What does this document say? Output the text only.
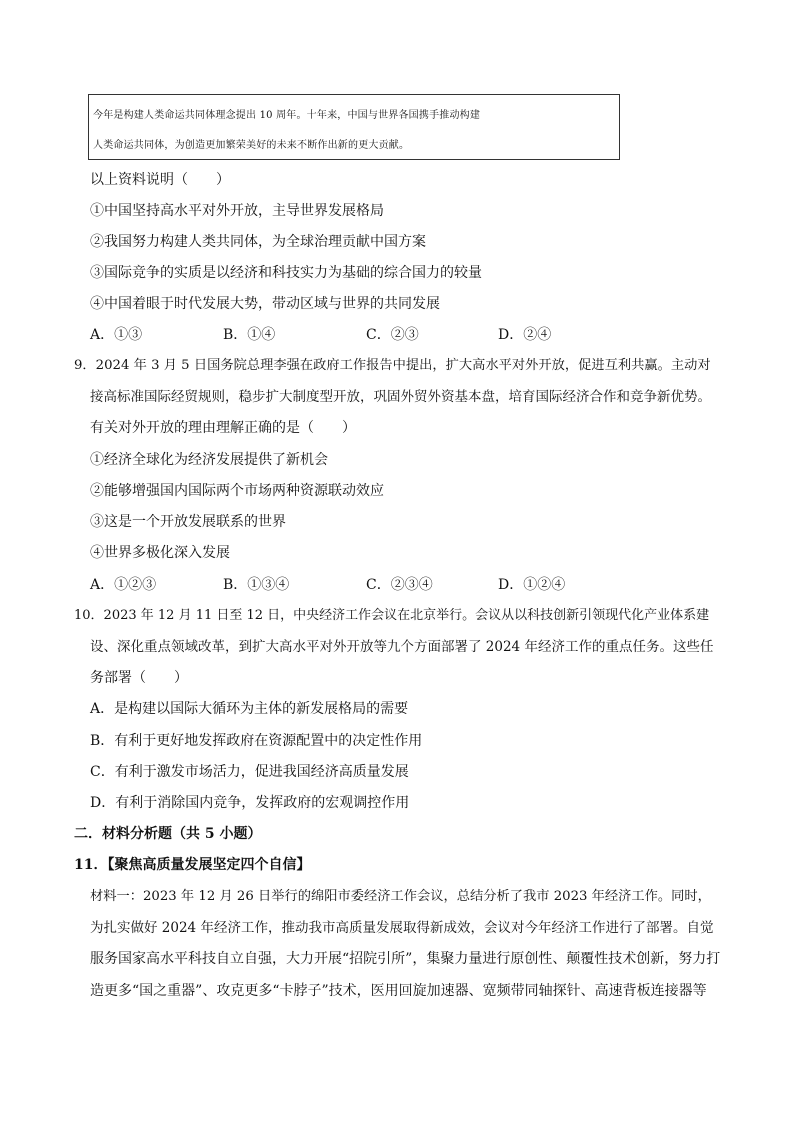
今年是构建人类命运共同体理念提出 10 周年。十年来，中国与世界各国携手推动构建
人类命运共同体，为创造更加繁荣美好的未来不断作出新的更大贡献。
以上资料说明（　　）
①中国坚持高水平对外开放，主导世界发展格局
②我国努力构建人类共同体，为全球治理贡献中国方案
③国际竞争的实质是以经济和科技实力为基础的综合国力的较量
④中国着眼于时代发展大势，带动区域与世界的共同发展
A．①③	B．①④	C．②③	D．②④
9．2024 年 3 月 5 日国务院总理李强在政府工作报告中提出，扩大高水平对外开放，促进互利共赢。主动对
接高标准国际经贸规则，稳步扩大制度型开放，巩固外贸外资基本盘，培育国际经济合作和竞争新优势。
有关对外开放的理由理解正确的是（　　）
①经济全球化为经济发展提供了新机会
②能够增强国内国际两个市场两种资源联动效应
③这是一个开放发展联系的世界
④世界多极化深入发展
A．①②③	B．①③④	C．②③④	D．①②④
10．2023 年 12 月 11 日至 12 日，中央经济工作会议在北京举行。会议从以科技创新引领现代化产业体系建
设、深化重点领域改革，到扩大高水平对外开放等九个方面部署了 2024 年经济工作的重点任务。这些任
务部署（　　）
A．是构建以国际大循环为主体的新发展格局的需要
B．有利于更好地发挥政府在资源配置中的决定性作用
C．有利于激发市场活力，促进我国经济高质量发展
D．有利于消除国内竞争，发挥政府的宏观调控作用
二．材料分析题（共 5 小题）
11．【聚焦高质量发展坚定四个自信】
材料一：2023 年 12 月 26 日举行的绵阳市委经济工作会议，总结分析了我市 2023 年经济工作。同时，
为扎实做好 2024 年经济工作，推动我市高质量发展取得新成效，会议对今年经济工作进行了部署。自觉
服务国家高水平科技自立自强，大力开展“招院引所”，集聚力量进行原创性、颠覆性技术创新，努力打
造更多“国之重器”、攻克更多“卡脖子”技术，医用回旋加速器、宽频带同轴探针、高速背板连接器等
